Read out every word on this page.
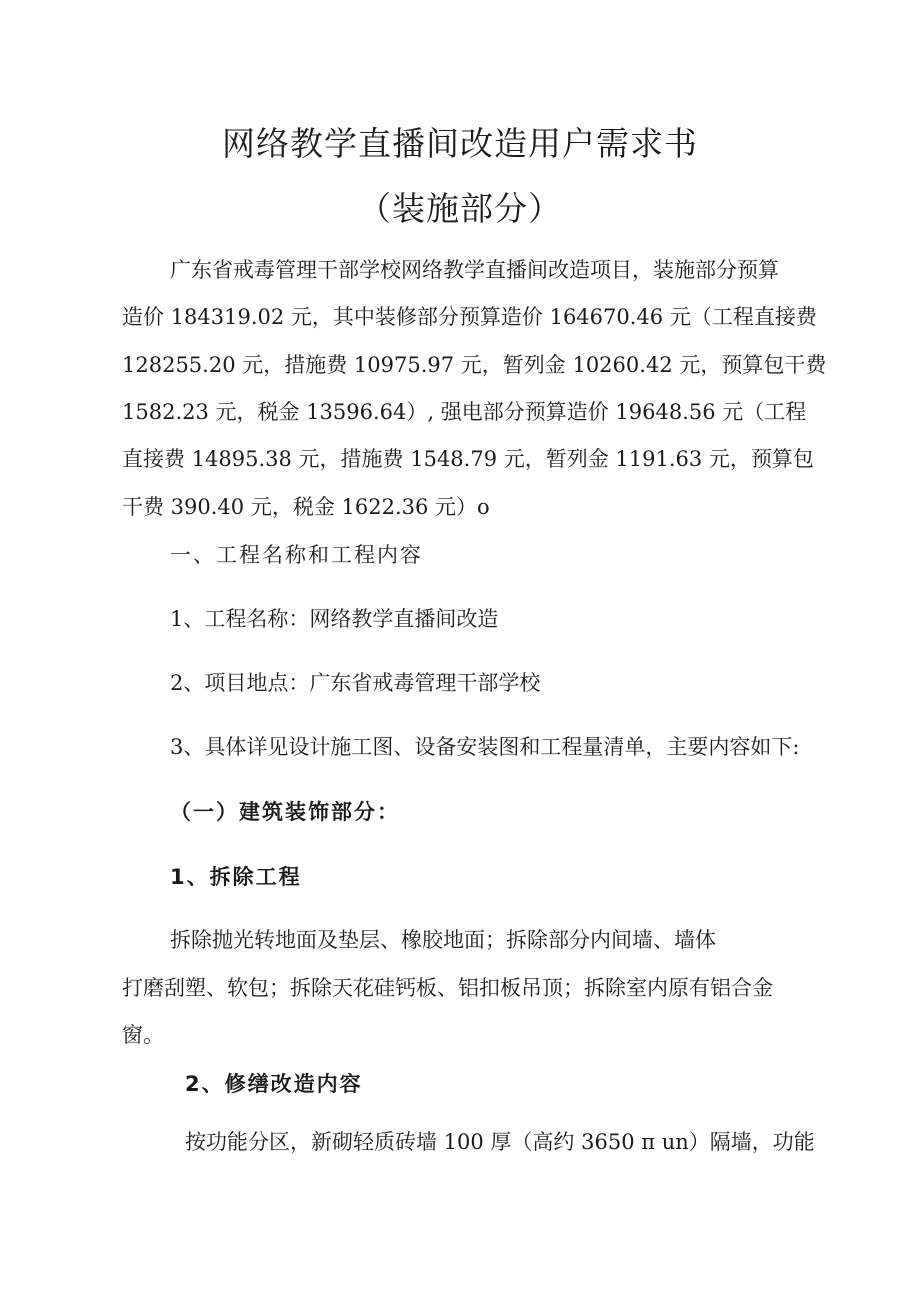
网络教学直播间改造用户需求书
（装施部分）
广东省戒毒管理干部学校网络教学直播间改造项目，装施部分预算
造价 184319.02 元，其中装修部分预算造价 164670.46 元（工程直接费
128255.20 元，措施费 10975.97 元，暂列金 10260.42 元，预算包干费
1582.23 元，税金 13596.64）, 强电部分预算造价 19648.56 元（工程
直接费 14895.38 元，措施费 1548.79 元，暂列金 1191.63 元，预算包
干费 390.40 元，税金 1622.36 元）o
一、工程名称和工程内容
1、工程名称：网络教学直播间改造
2、项目地点：广东省戒毒管理干部学校
3、具体详见设计施工图、设备安装图和工程量清单，主要内容如下:
（一）建筑装饰部分：
1、拆除工程
拆除抛光转地面及垫层、橡胶地面；拆除部分内间墙、墙体
打磨刮塑、软包；拆除天花硅钙板、铝扣板吊顶；拆除室内原有铝合金
窗。
2、修缮改造内容
按功能分区，新砌轻质砖墙 100 厚（高约 3650 π un）隔墙，功能
